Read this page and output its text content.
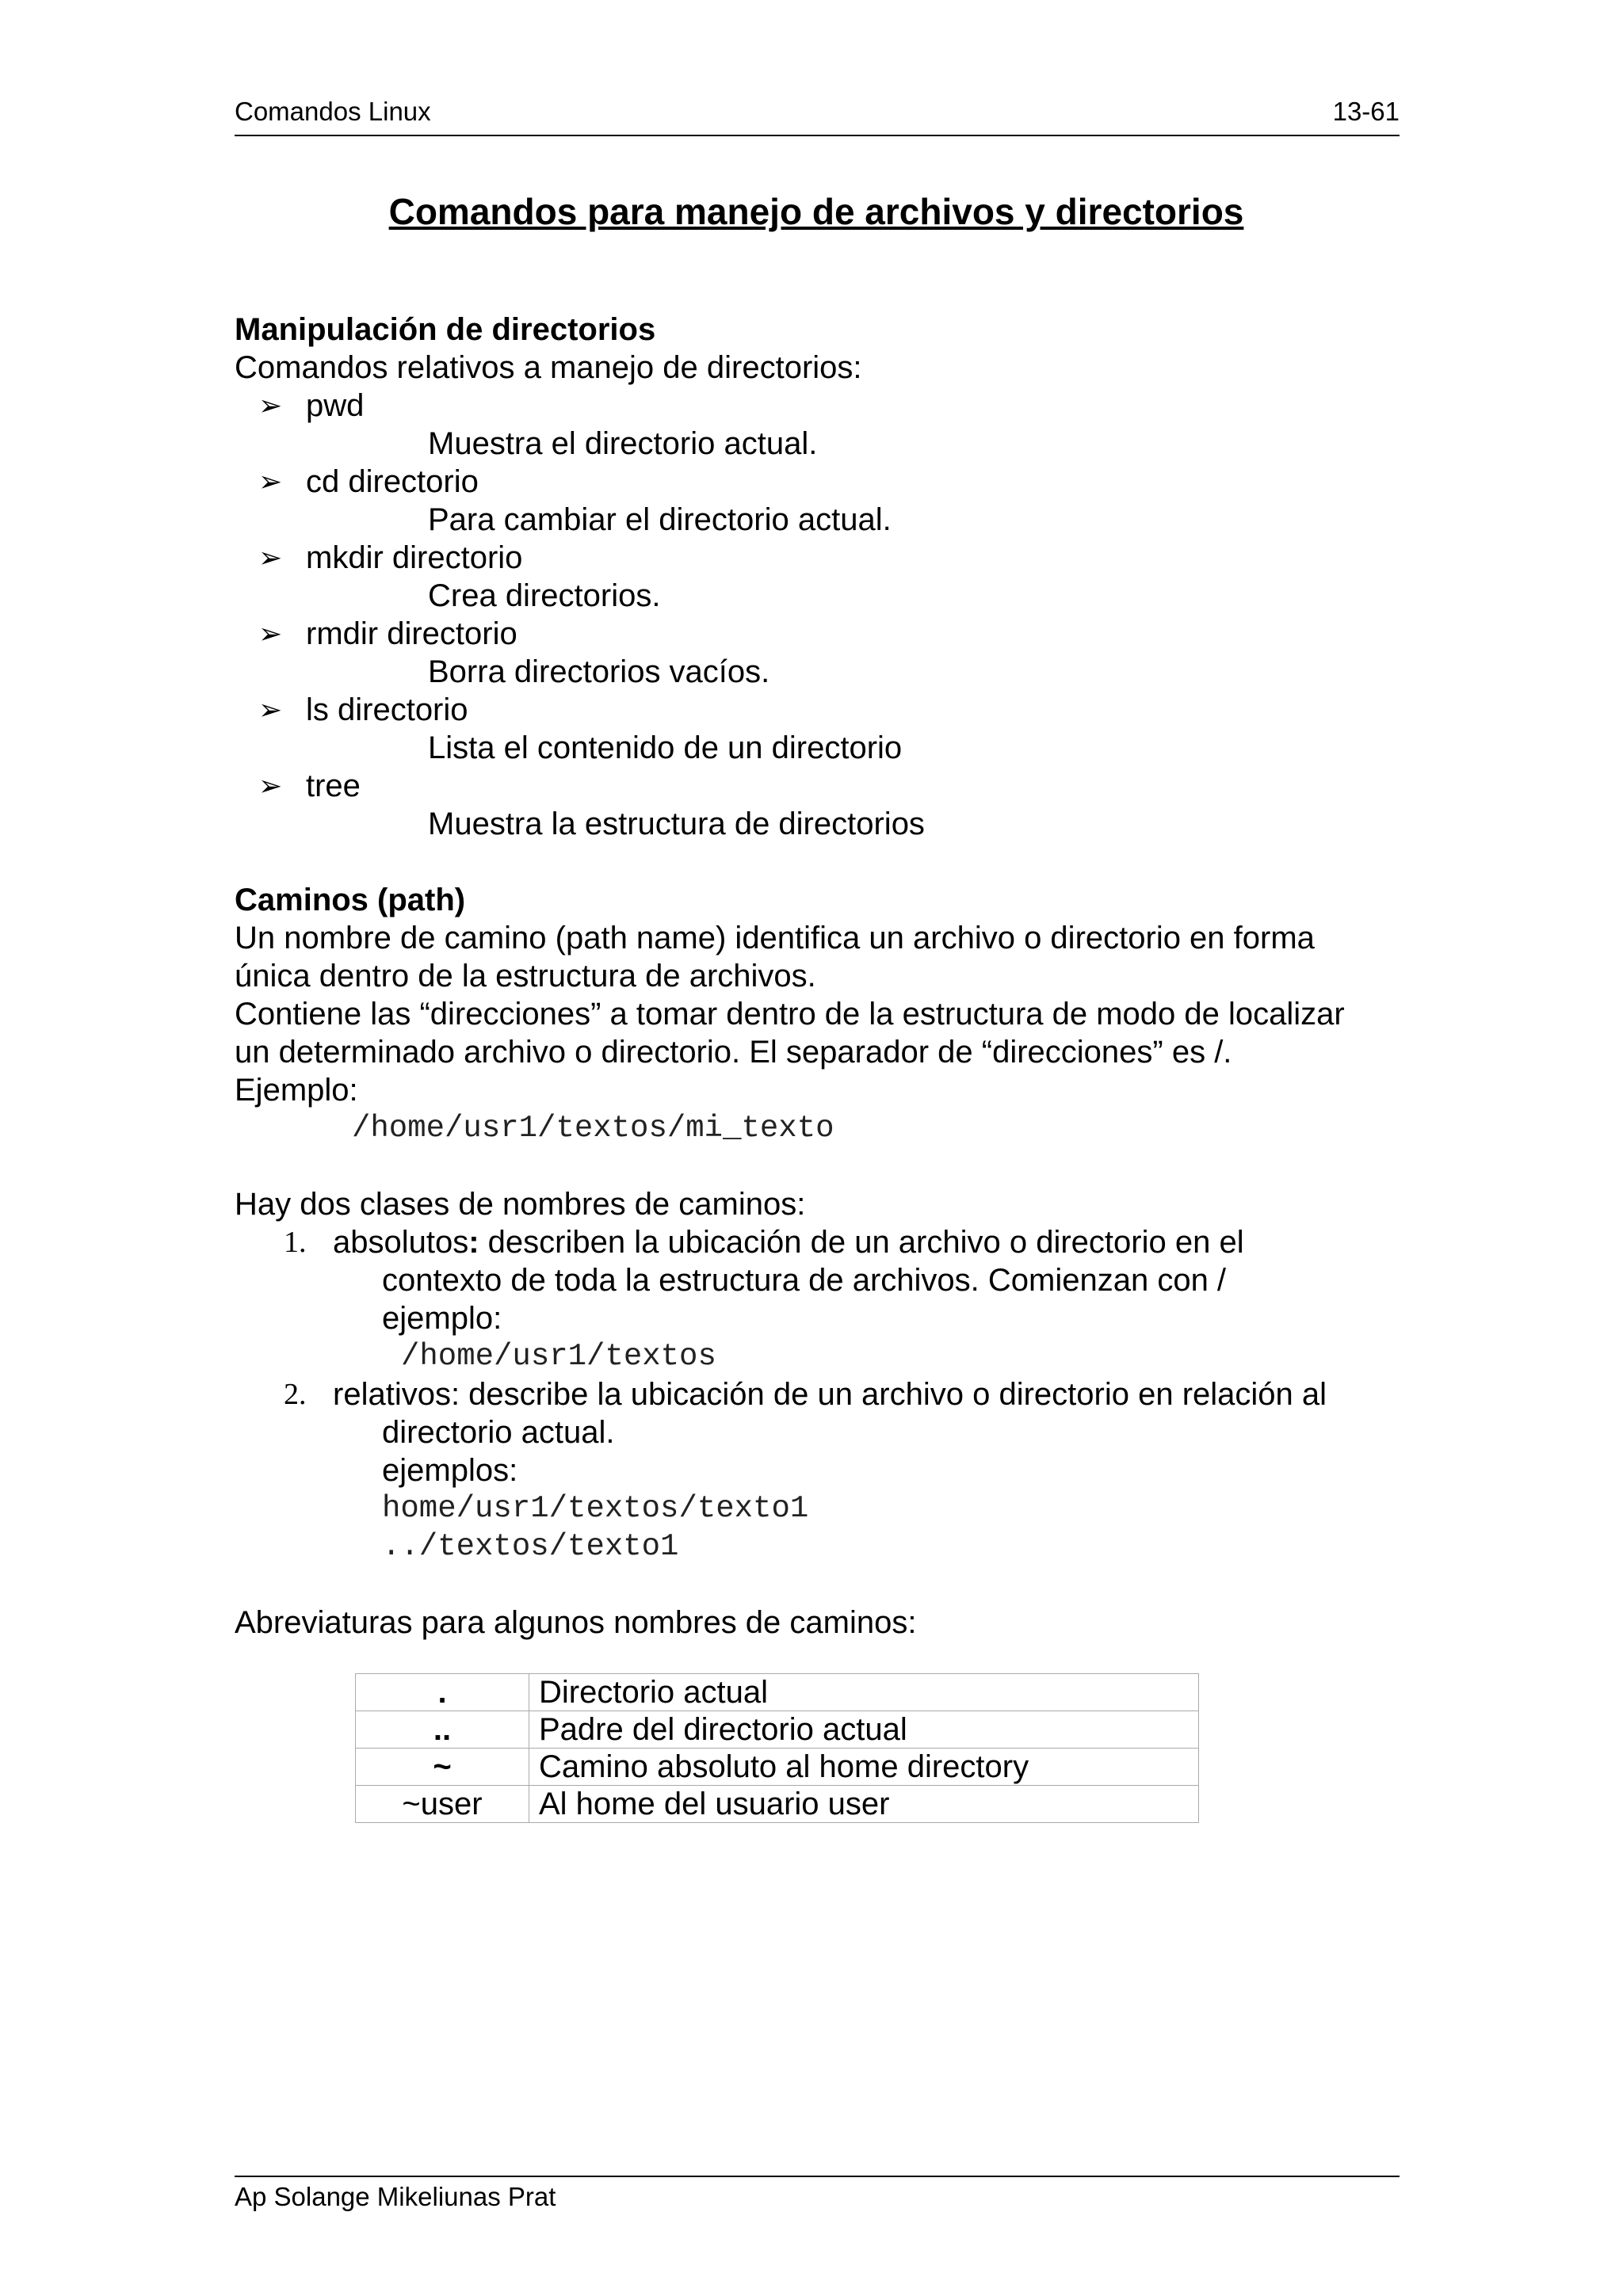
Comandos Linux	13-61
Comandos para manejo de archivos y directorios
Manipulación de directorios
Comandos relativos a manejo de directorios:
➢ pwd
Muestra el directorio actual.
➢ cd directorio
Para cambiar el directorio actual.
➢ mkdir directorio
Crea directorios.
➢ rmdir directorio
Borra directorios vacíos.
➢ ls directorio
Lista el contenido de un directorio
➢ tree
Muestra la estructura de directorios
Caminos (path)
Un nombre de camino (path name) identifica un archivo o directorio en forma
única dentro de la estructura de archivos.
Contiene las “direcciones” a tomar dentro de la estructura de modo de localizar
un determinado archivo o directorio. El separador de “direcciones” es /.
Ejemplo:
/home/usr1/textos/mi_texto
Hay dos clases de nombres de caminos:
1. absolutos: describen la ubicación de un archivo o directorio en el
contexto de toda la estructura de archivos. Comienzan con /
ejemplo:
/home/usr1/textos
2. relativos: describe la ubicación de un archivo o directorio en relación al
directorio actual.
ejemplos:
home/usr1/textos/texto1
../textos/texto1
Abreviaturas para algunos nombres de caminos:
.	Directorio actual
..	Padre del directorio actual
~	Camino absoluto al home directory
~user	Al home del usuario user
Ap Solange Mikeliunas Prat
